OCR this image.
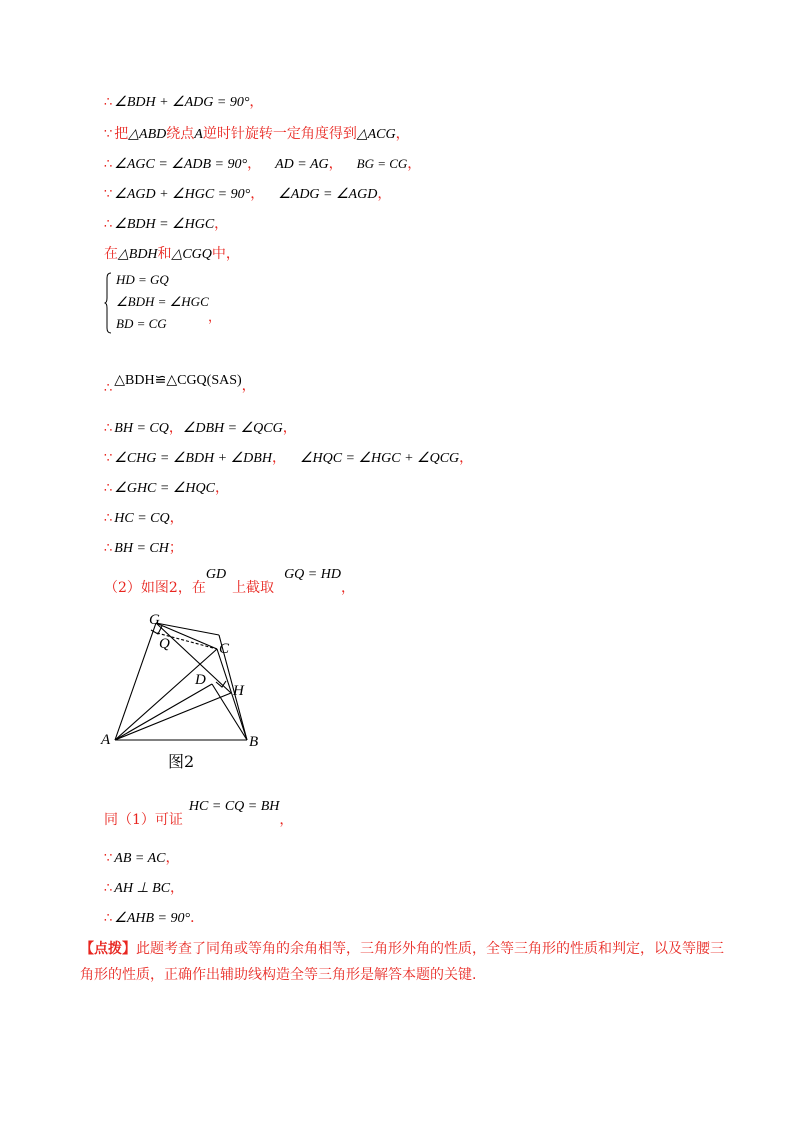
∴ ∠BDH + ∠ADG = 90°，
∵ 把△ABD绕点A逆时针旋转一定角度得到△ACG，
∴ ∠AGC = ∠ADB = 90°， AD = AG， BG = CG，
∵ ∠AGD + ∠HGC = 90°， ∠ADG = ∠AGD，
∴ ∠BDH = ∠HGC，
在△BDH和△CGQ中，
HD = GQ
∠BDH = ∠HGC
BD = CG	，
∴△BDH≌△CGQ(SAS)，
∴ BH = CQ，∠DBH = ∠QCG，
∵ ∠CHG = ∠BDH + ∠DBH， ∠HQC = ∠HGC + ∠QCG，
∴ ∠GHC = ∠HQC，
∴ HC = CQ，
∴ BH = CH；
（2）如图2，在GD上截取GQ = HD，
G
Q	C
D
H
A	B
图2
同（1）可证HC = CQ = BH，
∵ AB = AC，
∴ AH ⊥ BC，
∴ ∠AHB = 90°．
【点拨】此题考查了同角或等角的余角相等，三角形外角的性质，全等三角形的性质和判定，以及等腰三角形的性质，正确作出辅助线构造全等三角形是解答本题的关键.
